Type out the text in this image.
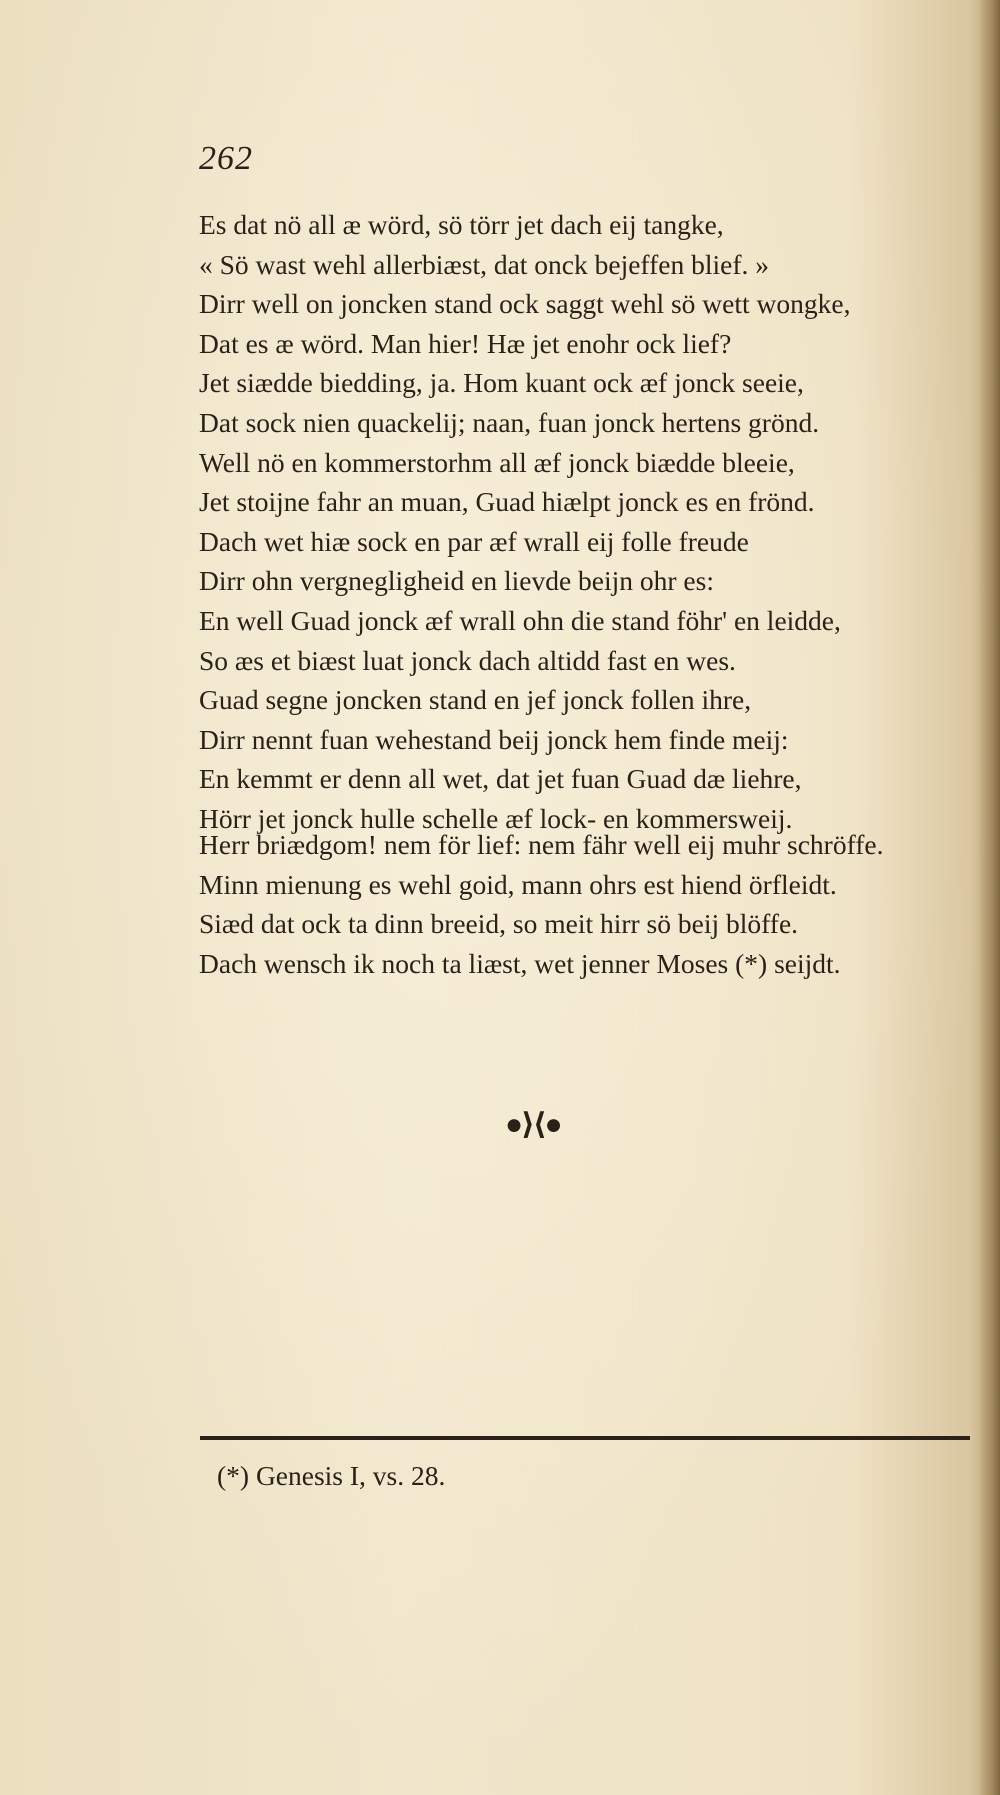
262
Es dat nö all æ wörd, sö törr jet dach eij tangke,
« Sö wast wehl allerbiæst, dat onck bejeffen blief. »
Dirr well on joncken stand ock saggt wehl sö wett wongke,
Dat es æ wörd. Man hier! Hæ jet enohr ock lief?
Jet siædde biedding, ja. Hom kuant ock æf jonck seeie,
Dat sock nien quackelij; naan, fuan jonck hertens grönd.
Well nö en kommerstorhm all æf jonck biædde bleeie,
Jet stoijne fahr an muan, Guad hiælpt jonck es en frönd.
Dach wet hiæ sock en par æf wrall eij folle freude
Dirr ohn vergnegligheid en lievde beijn ohr es:
En well Guad jonck æf wrall ohn die stand föhr' en leidde,
So æs et biæst luat jonck dach altidd fast en wes.
Guad segne joncken stand en jef jonck follen ihre,
Dirr nennt fuan wehestand beij jonck hem finde meij:
En kemmt er denn all wet, dat jet fuan Guad dæ liehre,
Hörr jet jonck hulle schelle æf lock- en kommersweij.
Herr briædgom! nem för lief: nem fähr well eij muhr schröffe.
Minn mienung es wehl goid, mann ohrs est hiend örfleidt.
Siæd dat ock ta dinn breeid, so meit hirr sö beij blöffe.
Dach wensch ik noch ta liæst, wet jenner Moses (*) seijdt.
●⟩⟨●
(*) Genesis I, vs. 28.
